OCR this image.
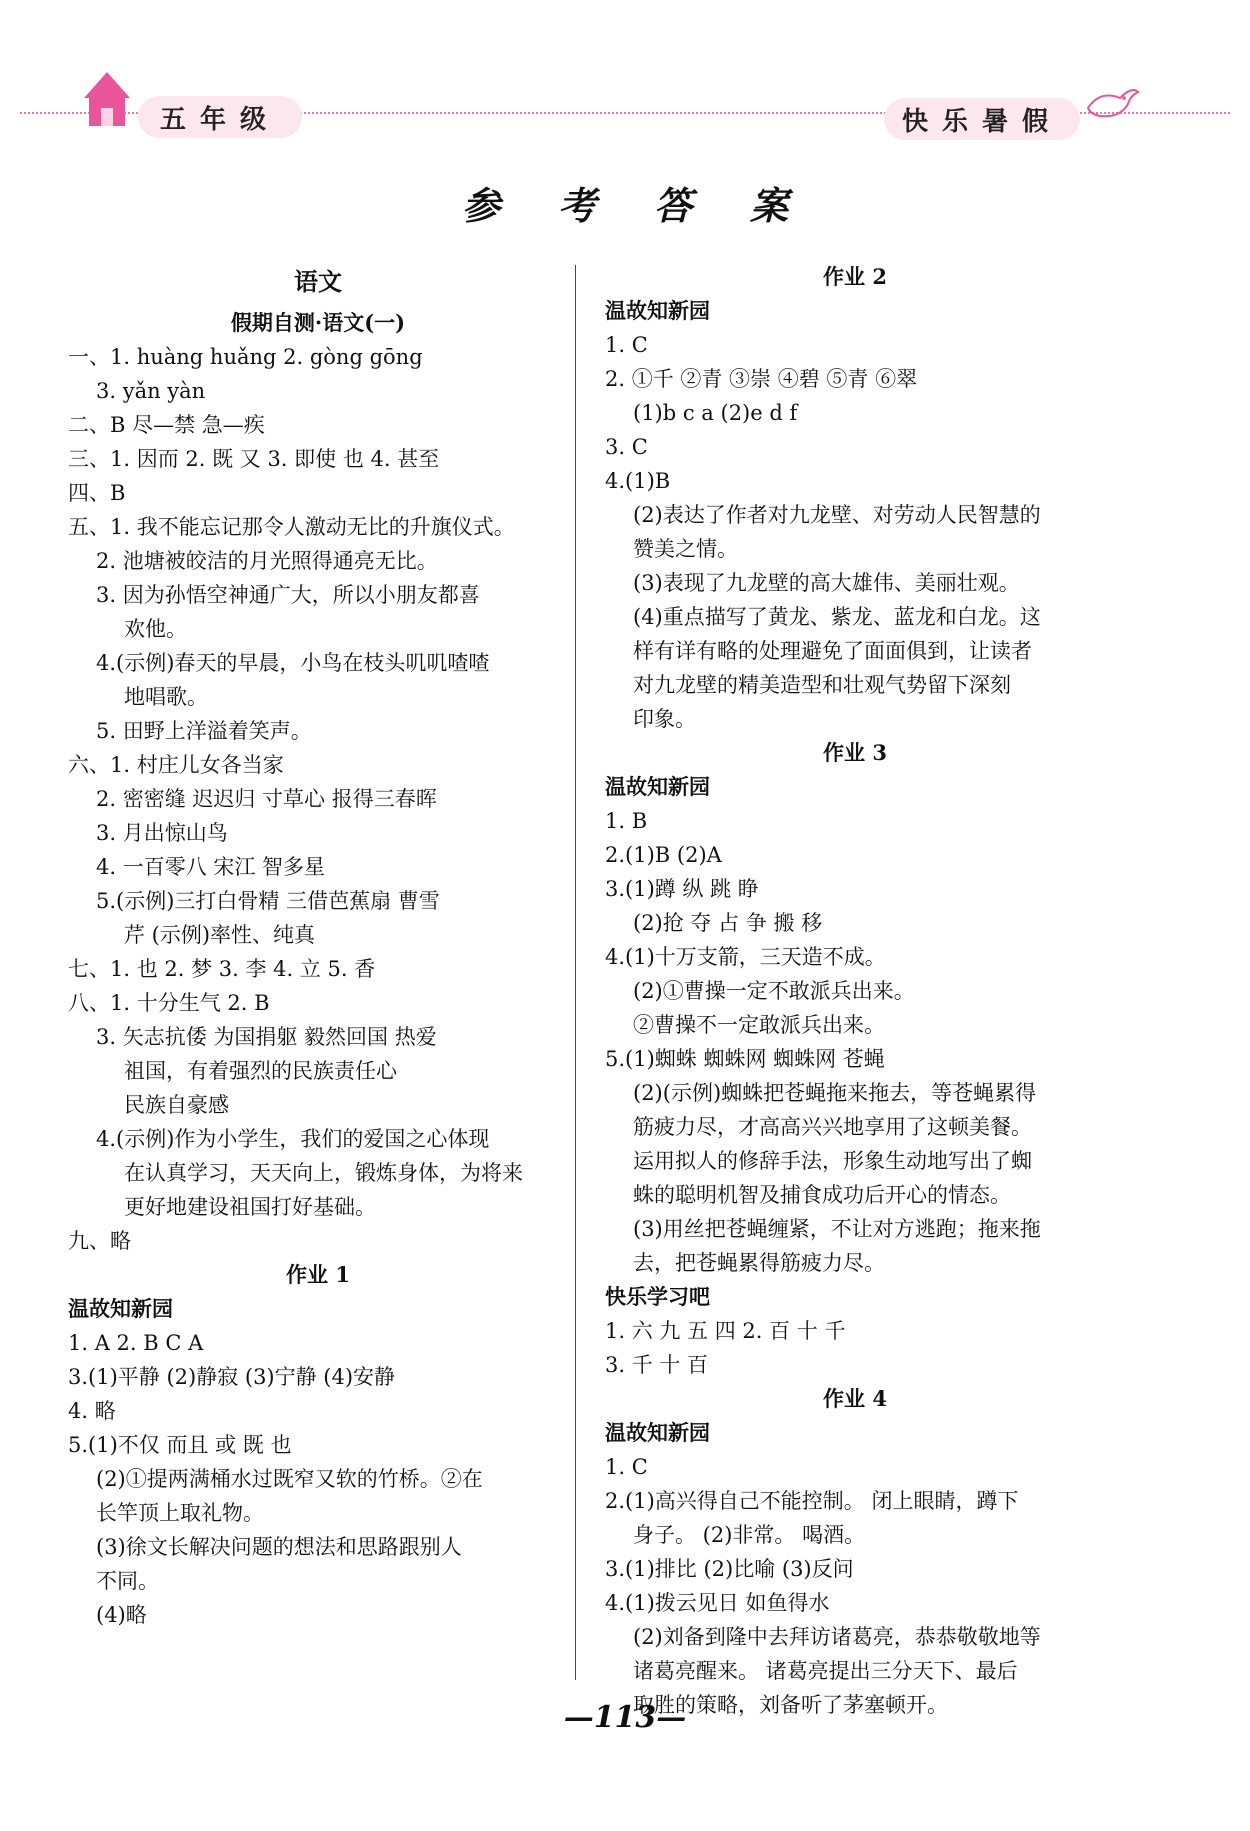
五年级	快乐暑假
参考答案

语文

假期自测·语文(一)

一、1. huàng huǎng 2. gòng gōng

3. yǎn yàn

二、B 尽—禁 急—疾

三、1. 因而 2. 既 又 3. 即使 也 4. 甚至

四、B

五、1. 我不能忘记那令人激动无比的升旗仪式。

2. 池塘被皎洁的月光照得通亮无比。

3. 因为孙悟空神通广大，所以小朋友都喜

欢他。

4.(示例)春天的早晨，小鸟在枝头叽叽喳喳

地唱歌。

5. 田野上洋溢着笑声。

六、1. 村庄儿女各当家

2. 密密缝 迟迟归 寸草心 报得三春晖

3. 月出惊山鸟

4. 一百零八 宋江 智多星

5.(示例)三打白骨精 三借芭蕉扇 曹雪

芹 (示例)率性、纯真

七、1. 也 2. 梦 3. 李 4. 立 5. 香

八、1. 十分生气 2. B

3. 矢志抗倭 为国捐躯 毅然回国 热爱

祖国，有着强烈的民族责任心

民族自豪感

4.(示例)作为小学生，我们的爱国之心体现

在认真学习，天天向上，锻炼身体，为将来

更好地建设祖国打好基础。

九、略

作业 1

温故知新园

1. A 2. B C A

3.(1)平静 (2)静寂 (3)宁静 (4)安静

4. 略

5.(1)不仅 而且 或 既 也

(2)①提两满桶水过既窄又软的竹桥。②在

长竿顶上取礼物。

(3)徐文长解决问题的想法和思路跟别人

不同。

(4)略

作业 2

温故知新园

1. C

2. ①千 ②青 ③崇 ④碧 ⑤青 ⑥翠

(1)b c a (2)e d f

3. C

4.(1)B

(2)表达了作者对九龙壁、对劳动人民智慧的

赞美之情。

(3)表现了九龙壁的高大雄伟、美丽壮观。

(4)重点描写了黄龙、紫龙、蓝龙和白龙。这

样有详有略的处理避免了面面俱到，让读者

对九龙壁的精美造型和壮观气势留下深刻

印象。

作业 3

温故知新园

1. B

2.(1)B (2)A

3.(1)蹲 纵 跳 睁

(2)抢 夺 占 争 搬 移

4.(1)十万支箭，三天造不成。

(2)①曹操一定不敢派兵出来。

②曹操不一定敢派兵出来。

5.(1)蜘蛛 蜘蛛网 蜘蛛网 苍蝇

(2)(示例)蜘蛛把苍蝇拖来拖去，等苍蝇累得

筋疲力尽，才高高兴兴地享用了这顿美餐。

运用拟人的修辞手法，形象生动地写出了蜘

蛛的聪明机智及捕食成功后开心的情态。

(3)用丝把苍蝇缠紧，不让对方逃跑；拖来拖

去，把苍蝇累得筋疲力尽。

快乐学习吧

1. 六 九 五 四 2. 百 十 千

3. 千 十 百

作业 4

温故知新园

1. C

2.(1)高兴得自己不能控制。 闭上眼睛，蹲下

身子。 (2)非常。 喝酒。

3.(1)排比 (2)比喻 (3)反问

4.(1)拨云见日 如鱼得水

(2)刘备到隆中去拜访诸葛亮，恭恭敬敬地等

诸葛亮醒来。 诸葛亮提出三分天下、最后

取胜的策略，刘备听了茅塞顿开。

—113—
